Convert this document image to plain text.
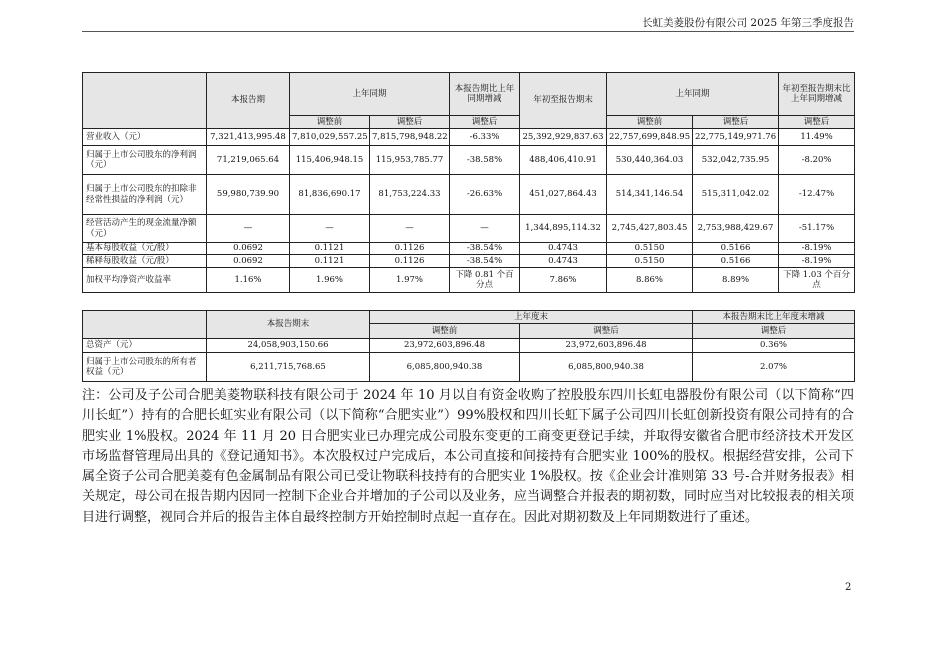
长虹美菱股份有限公司 2025 年第三季度报告
	本报告期	上年同期		本报告期比上年同期增减	年初至报告期末	上年同期		年初至报告期末比上年同期增减
		调整前	调整后	调整后		调整前	调整后	调整后
营业收入（元）	7,321,413,995.48	7,810,029,557.25	7,815,798,948.22	-6.33%	25,392,929,837.63	22,757,699,848.95	22,775,149,971.76	11.49%
归属于上市公司股东的净利润（元）	71,219,065.64	115,406,948.15	115,953,785.77	-38.58%	488,406,410.91	530,440,364.03	532,042,735.95	-8.20%
归属于上市公司股东的扣除非经常性损益的净利润（元）	59,980,739.90	81,836,690.17	81,753,224.33	-26.63%	451,027,864.43	514,341,146.54	515,311,042.02	-12.47%
经营活动产生的现金流量净额（元）	—	—	—	—	1,344,895,114.32	2,745,427,803.45	2,753,988,429.67	-51.17%
基本每股收益（元/股）	0.0692	0.1121	0.1126	-38.54%	0.4743	0.5150	0.5166	-8.19%
稀释每股收益（元/股）	0.0692	0.1121	0.1126	-38.54%	0.4743	0.5150	0.5166	-8.19%
加权平均净资产收益率	1.16%	1.96%	1.97%	下降 0.81 个百分点	7.86%	8.86%	8.89%	下降 1.03 个百分点
	本报告期末	上年度末		本报告期末比上年度末增减
		调整前	调整后	调整后
总资产（元）	24,058,903,150.66	23,972,603,896.48	23,972,603,896.48	0.36%
归属于上市公司股东的所有者权益（元）	6,211,715,768.65	6,085,800,940.38	6,085,800,940.38	2.07%
注：公司及子公司合肥美菱物联科技有限公司于 2024 年 10 月以自有资金收购了控股股东四川长虹电器股份有限公司（以下简称“四川长虹”）持有的合肥长虹实业有限公司（以下简称“合肥实业”）99%股权和四川长虹下属子公司四川长虹创新投资有限公司持有的合肥实业 1%股权。2024 年 11 月 20 日合肥实业已办理完成公司股东变更的工商变更登记手续，并取得安徽省合肥市经济技术开发区市场监督管理局出具的《登记通知书》。本次股权过户完成后，本公司直接和间接持有合肥实业 100%的股权。根据经营安排，公司下属全资子公司合肥美菱有色金属制品有限公司已受让物联科技持有的合肥实业 1%股权。按《企业会计准则第 33 号-合并财务报表》相关规定，母公司在报告期内因同一控制下企业合并增加的子公司以及业务，应当调整合并报表的期初数，同时应当对比较报表的相关项目进行调整，视同合并后的报告主体自最终控制方开始控制时点起一直存在。因此对期初数及上年同期数进行了重述。
2
